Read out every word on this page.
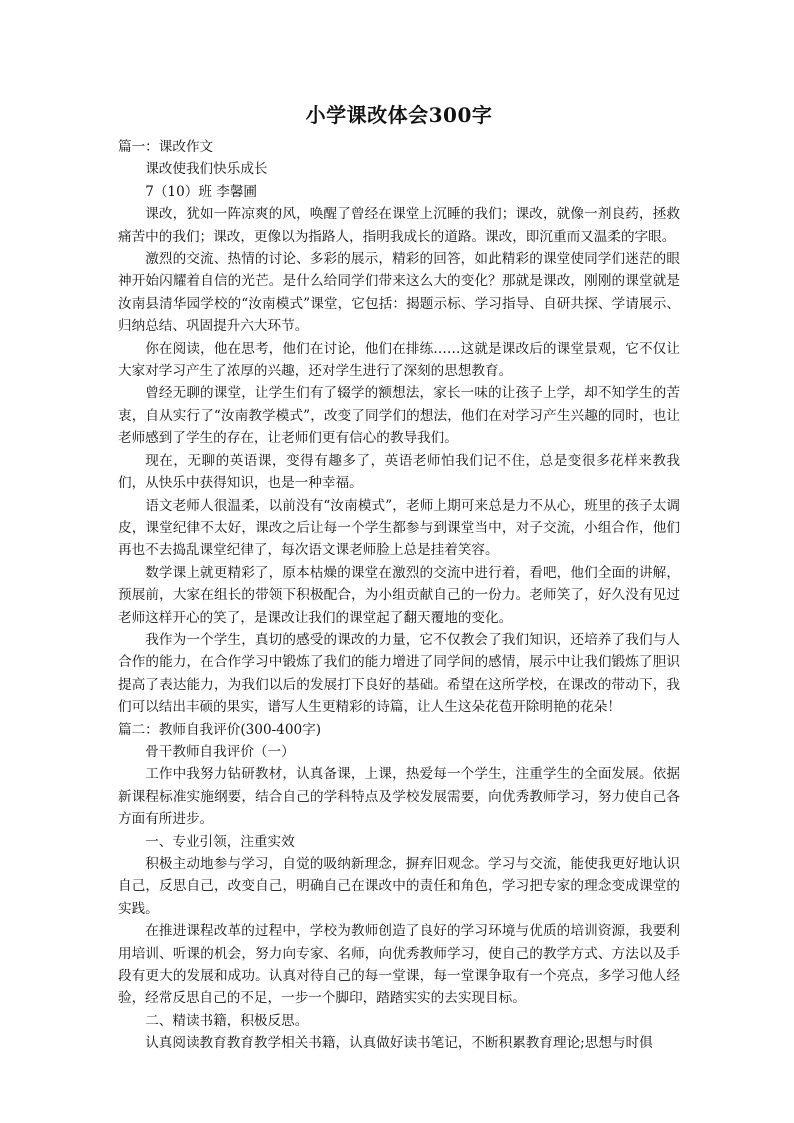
小学课改体会300字

篇一：课改作文

课改使我们快乐成长

7（10）班 李馨圃

课改，犹如一阵凉爽的风，唤醒了曾经在课堂上沉睡的我们；课改，就像一剂良药，拯救痛苦中的我们；课改，更像以为指路人，指明我成长的道路。课改，即沉重而又温柔的字眼。

激烈的交流、热情的讨论、多彩的展示，精彩的回答，如此精彩的课堂使同学们迷茫的眼神开始闪耀着自信的光芒。是什么给同学们带来这么大的变化？那就是课改，刚刚的课堂就是汝南县清华园学校的“汝南模式”课堂，它包括：揭题示标、学习指导、自研共探、学请展示、归纳总结、巩固提升六大环节。

你在阅读，他在思考，他们在讨论，他们在排练……这就是课改后的课堂景观，它不仅让大家对学习产生了浓厚的兴趣，还对学生进行了深刻的思想教育。

曾经无聊的课堂，让学生们有了辍学的额想法，家长一味的让孩子上学，却不知学生的苦衷，自从实行了“汝南教学模式”，改变了同学们的想法，他们在对学习产生兴趣的同时，也让老师感到了学生的存在，让老师们更有信心的教导我们。

现在，无聊的英语课，变得有趣多了，英语老师怕我们记不住，总是变很多花样来教我们，从快乐中获得知识，也是一种幸福。

语文老师人很温柔，以前没有“汝南模式”，老师上期可来总是力不从心，班里的孩子太调皮，课堂纪律不太好，课改之后让每一个学生都参与到课堂当中，对子交流，小组合作，他们再也不去捣乱课堂纪律了，每次语文课老师脸上总是挂着笑容。

数学课上就更精彩了，原本枯燥的课堂在激烈的交流中进行着，看吧，他们全面的讲解，预展前，大家在组长的带领下积极配合，为小组贡献自己的一份力。老师笑了，好久没有见过老师这样开心的笑了，是课改让我们的课堂起了翻天覆地的变化。

我作为一个学生，真切的感受的课改的力量，它不仅教会了我们知识，还培养了我们与人合作的能力，在合作学习中锻炼了我们的能力增进了同学间的感情，展示中让我们锻炼了胆识提高了表达能力，为我们以后的发展打下良好的基础。希望在这所学校，在课改的带动下，我们可以结出丰硕的果实，谱写人生更精彩的诗篇，让人生这朵花苞开除明艳的花朵！

篇二：教师自我评价(300-400字)

骨干教师自我评价（一）

工作中我努力钻研教材，认真备课，上课，热爱每一个学生，注重学生的全面发展。依据新课程标准实施纲要，结合自己的学科特点及学校发展需要，向优秀教师学习，努力使自己各方面有所进步。

一、专业引领，注重实效

积极主动地参与学习，自觉的吸纳新理念，摒弃旧观念。学习与交流，能使我更好地认识自己，反思自己，改变自己，明确自己在课改中的责任和角色，学习把专家的理念变成课堂的实践。

在推进课程改革的过程中，学校为教师创造了良好的学习环境与优质的培训资源，我要利用培训、听课的机会，努力向专家、名师，向优秀教师学习，使自己的教学方式、方法以及手段有更大的发展和成功。认真对待自己的每一堂课，每一堂课争取有一个亮点，多学习他人经验，经常反思自己的不足，一步一个脚印，踏踏实实的去实现目标。

二、精读书籍，积极反思。

认真阅读教育教育教学相关书籍，认真做好读书笔记，不断积累教育理论;思想与时俱
